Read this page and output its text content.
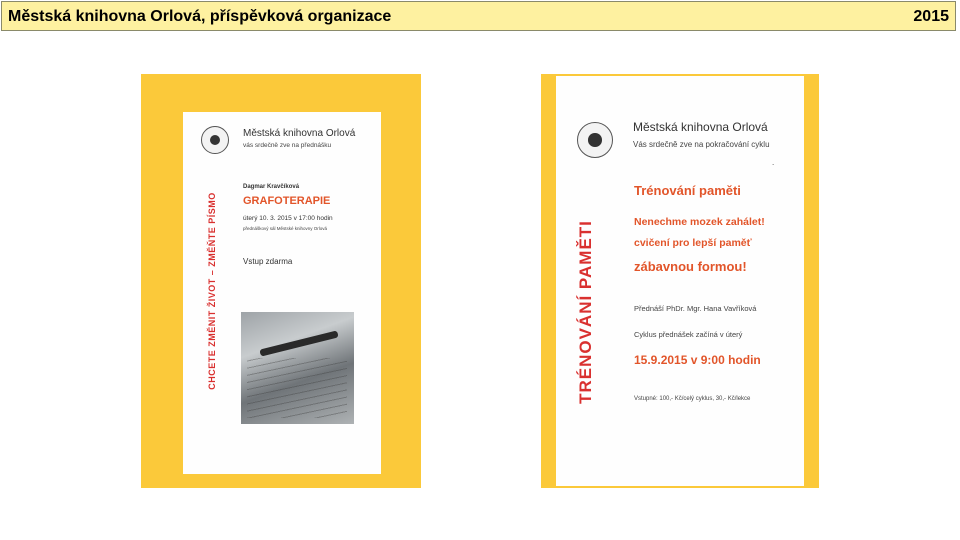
Městská knihovna Orlová, příspěvková organizace	2015
CHCETE ZMĚNIT ŽIVOT – ZMĚŇTE PÍSMO
Městská knihovna Orlová
vás srdečně zve na přednášku
Dagmar Kravčíková
GRAFOTERAPIE
úterý 10. 3. 2015 v 17:00 hodin
přednáškový sál Městské knihovny Orlová
Vstup zdarma	TRÉNOVÁNÍ PAMĚTI
Městská knihovna Orlová
Vás srdečně zve na pokračování cyklu
.
Trénování paměti
Nenechme mozek zahálet!
cvičení pro lepší paměť
zábavnou formou!
Přednáší PhDr. Mgr. Hana Vavříková
Cyklus přednášek začíná v úterý
15.9.2015 v 9:00 hodin
Vstupné: 100,- Kč/celý cyklus, 30,- Kč/lekce
